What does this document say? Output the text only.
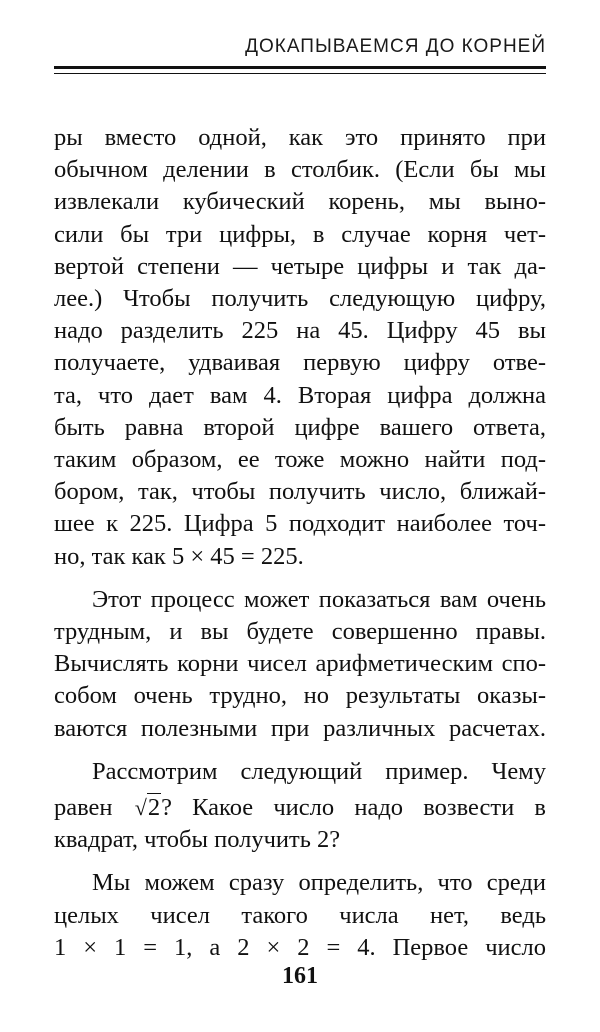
ДОКАПЫВАЕМСЯ ДО КОРНЕЙ
ры вместо одной, как это принято при
обычном делении в столбик. (Если бы мы
извлекали кубический корень, мы выно-
сили бы три цифры, в случае корня чет-
вертой степени — четыре цифры и так да-
лее.) Чтобы получить следующую цифру,
надо разделить 225 на 45. Цифру 45 вы
получаете, удваивая первую цифру отве-
та, что дает вам 4. Вторая цифра должна
быть равна второй цифре вашего ответа,
таким образом, ее тоже можно найти под-
бором, так, чтобы получить число, ближай-
шее к 225. Цифра 5 подходит наиболее точ-
но, так как 5 × 45 = 225.
Этот процесс может показаться вам очень
трудным, и вы будете совершенно правы.
Вычислять корни чисел арифметическим спо-
собом очень трудно, но результаты оказы-
ваются полезными при различных расчетах.
Рассмотрим следующий пример. Чему
равен √2? Какое число надо возвести в
квадрат, чтобы получить 2?
Мы можем сразу определить, что среди
целых чисел такого числа нет, ведь
1 × 1 = 1, а 2 × 2 = 4. Первое число
161
